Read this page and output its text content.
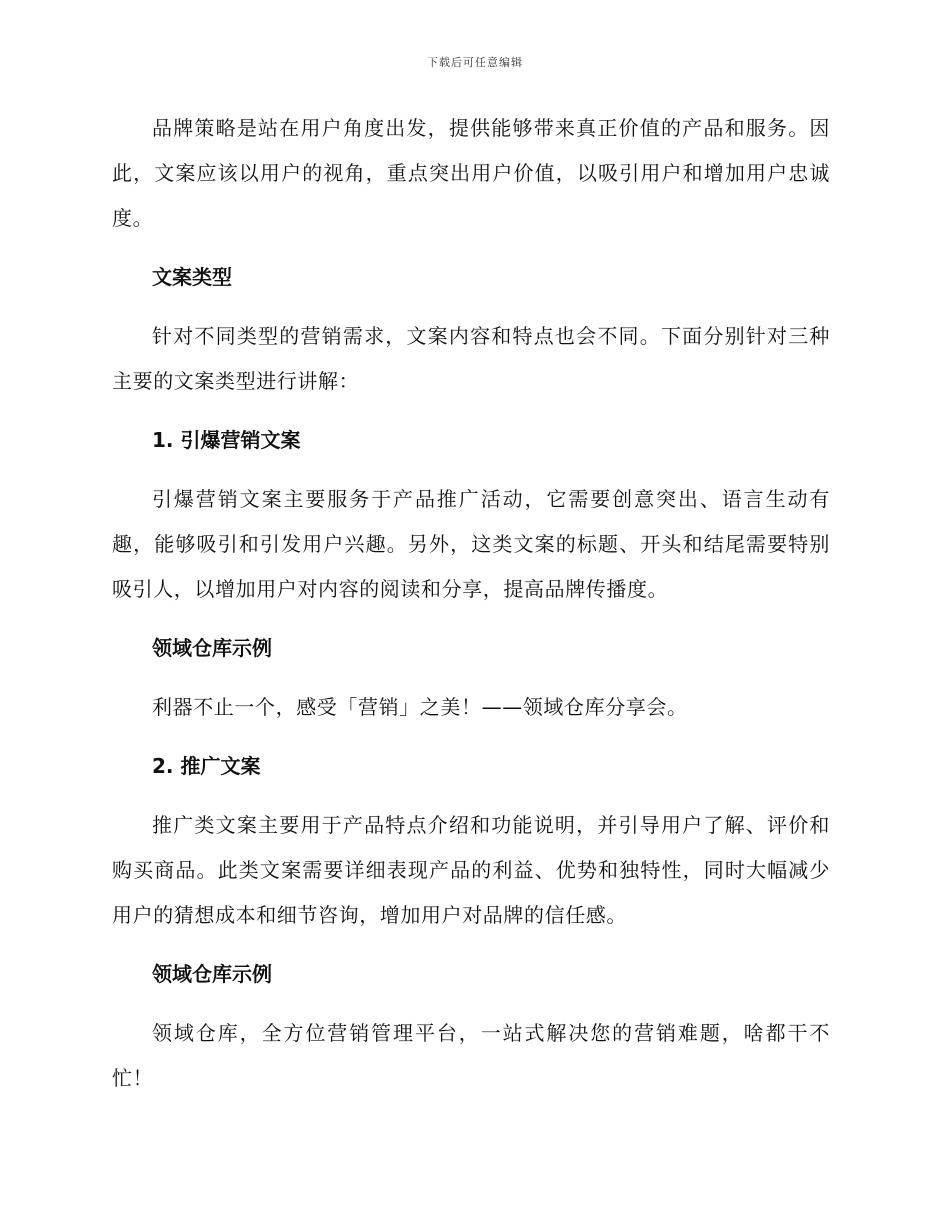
下载后可任意编辑

品牌策略是站在用户角度出发，提供能够带来真正价值的产品和服务。因此，文案应该以用户的视角，重点突出用户价值，以吸引用户和增加用户忠诚度。

文案类型

针对不同类型的营销需求，文案内容和特点也会不同。下面分别针对三种主要的文案类型进行讲解：

1. 引爆营销文案

引爆营销文案主要服务于产品推广活动，它需要创意突出、语言生动有趣，能够吸引和引发用户兴趣。另外，这类文案的标题、开头和结尾需要特别吸引人，以增加用户对内容的阅读和分享，提高品牌传播度。

领域仓库示例

利器不止一个，感受「营销」之美！——领域仓库分享会。

2. 推广文案

推广类文案主要用于产品特点介绍和功能说明，并引导用户了解、评价和购买商品。此类文案需要详细表现产品的利益、优势和独特性，同时大幅减少用户的猜想成本和细节咨询，增加用户对品牌的信任感。

领域仓库示例

领域仓库，全方位营销管理平台，一站式解决您的营销难题，啥都干不忙！
